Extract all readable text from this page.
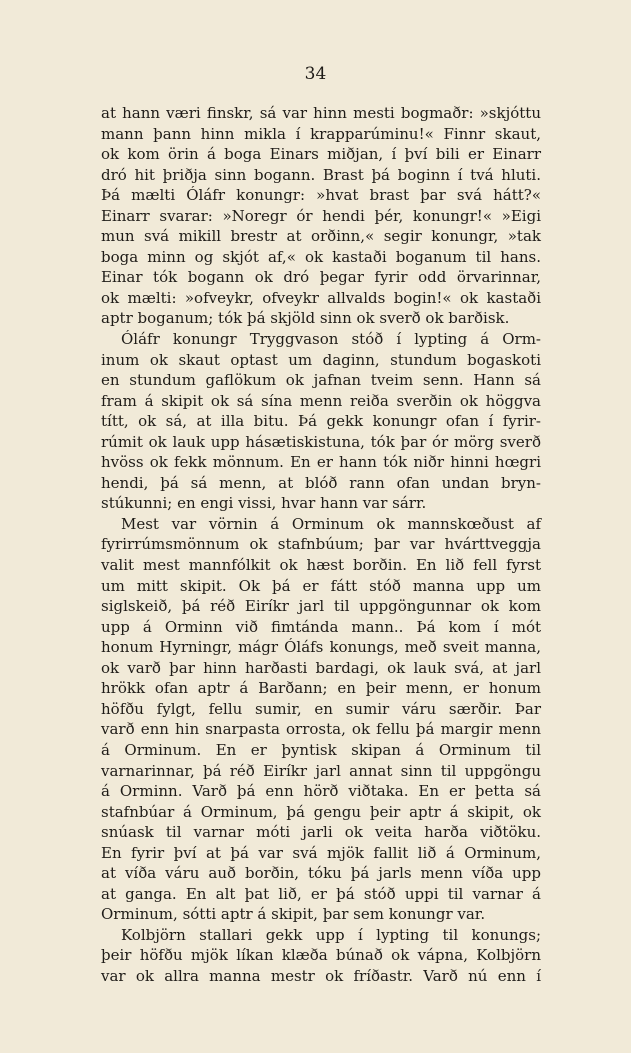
34
at hann væri finskr, sá var hinn mesti bogmaðr: »skjóttu
mann þann hinn mikla í krapparúminu!« Finnr skaut,
ok kom örin á boga Einars miðjan, í því bili er Einarr
dró hit þriðja sinn bogann. Brast þá boginn í tvá hluti.
Þá mælti Óláfr konungr: »hvat brast þar svá hátt?«
Einarr svarar: »Noregr ór hendi þér, konungr!« »Eigi
mun svá mikill brestr at orðinn,« segir konungr, »tak
boga minn og skjót af,« ok kastaði boganum til hans.
Einar tók bogann ok dró þegar fyrir odd örvarinnar,
ok mælti: »ofveykr, ofveykr allvalds bogin!« ok kastaði
aptr boganum; tók þá skjöld sinn ok sverð ok barðisk.
Óláfr konungr Tryggvason stóð í lypting á Orm-
inum ok skaut optast um daginn, stundum bogaskoti
en stundum gaflökum ok jafnan tveim senn. Hann sá
fram á skipit ok sá sína menn reiða sverðin ok höggva
títt, ok sá, at illa bitu. Þá gekk konungr ofan í fyrir-
rúmit ok lauk upp hásætiskistuna, tók þar ór mörg sverð
hvöss ok fekk mönnum. En er hann tók niðr hinni hœgri
hendi, þá sá menn, at blóð rann ofan undan bryn-
stúkunni; en engi vissi, hvar hann var sárr.
Mest var vörnin á Orminum ok mannskœðust af
fyrirrúmsmönnum ok stafnbúum; þar var hvárttveggja
valit mest mannfólkit ok hæst borðin. En lið fell fyrst
um mitt skipit. Ok þá er fátt stóð manna upp um
siglskeið, þá réð Eiríkr jarl til uppgöngunnar ok kom
upp á Orminn við fimtánda mann.. Þá kom í mót
honum Hyrningr, mágr Óláfs konungs, með sveit manna,
ok varð þar hinn harðasti bardagi, ok lauk svá, at jarl
hrökk ofan aptr á Barðann; en þeir menn, er honum
höfðu fylgt, fellu sumir, en sumir váru særðir. Þar
varð enn hin snarpasta orrosta, ok fellu þá margir menn
á Orminum. En er þyntisk skipan á Orminum til
varnarinnar, þá réð Eiríkr jarl annat sinn til uppgöngu
á Orminn. Varð þá enn hörð viðtaka. En er þetta sá
stafnbúar á Orminum, þá gengu þeir aptr á skipit, ok
snúask til varnar móti jarli ok veita harða viðtöku.
En fyrir því at þá var svá mjök fallit lið á Orminum,
at víða váru auð borðin, tóku þá jarls menn víða upp
at ganga. En alt þat lið, er þá stóð uppi til varnar á
Orminum, sótti aptr á skipit, þar sem konungr var.
Kolbjörn stallari gekk upp í lypting til konungs;
þeir höfðu mjök líkan klæða búnað ok vápna, Kolbjörn
var ok allra manna mestr ok fríðastr. Varð nú enn í
